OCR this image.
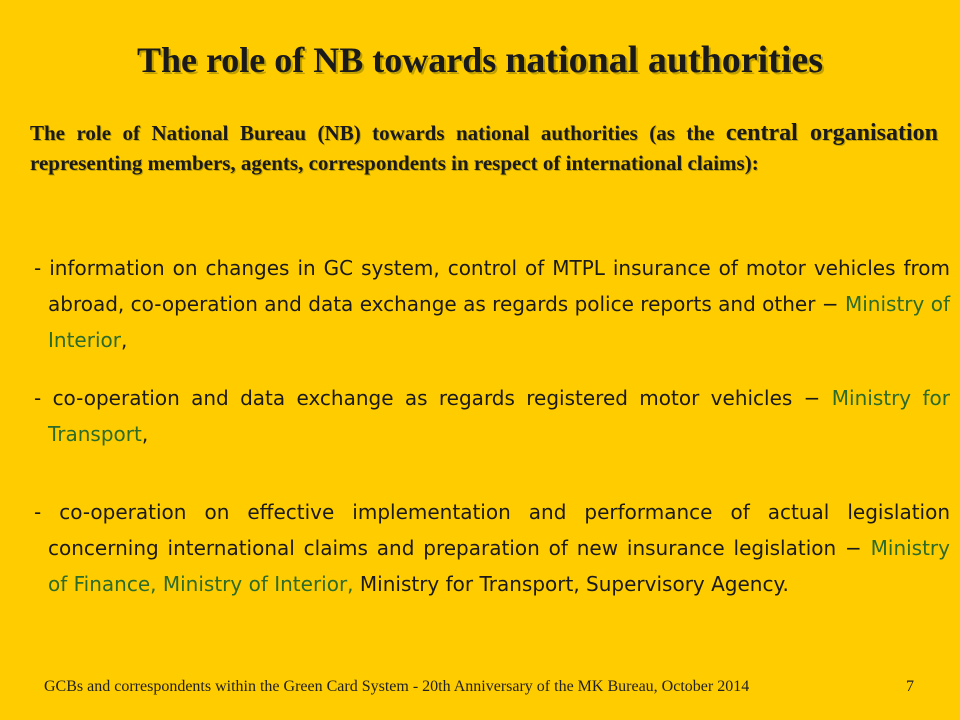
The role of NB towards national authorities
The role of National Bureau (NB) towards national authorities (as the central organisation representing members, agents, correspondents in respect of international claims):
- information on changes in GC system, control of MTPL insurance of motor vehicles from abroad, co-operation and data exchange as regards police reports and other − Ministry of Interior,
- co-operation and data exchange as regards registered motor vehicles − Ministry for Transport,
- co-operation on effective implementation and performance of actual legislation concerning international claims and preparation of new insurance legislation − Ministry of Finance, Ministry of Interior, Ministry for Transport, Supervisory Agency.
GCBs and correspondents within the Green Card System - 20th Anniversary of the MK Bureau, October 2014	7
